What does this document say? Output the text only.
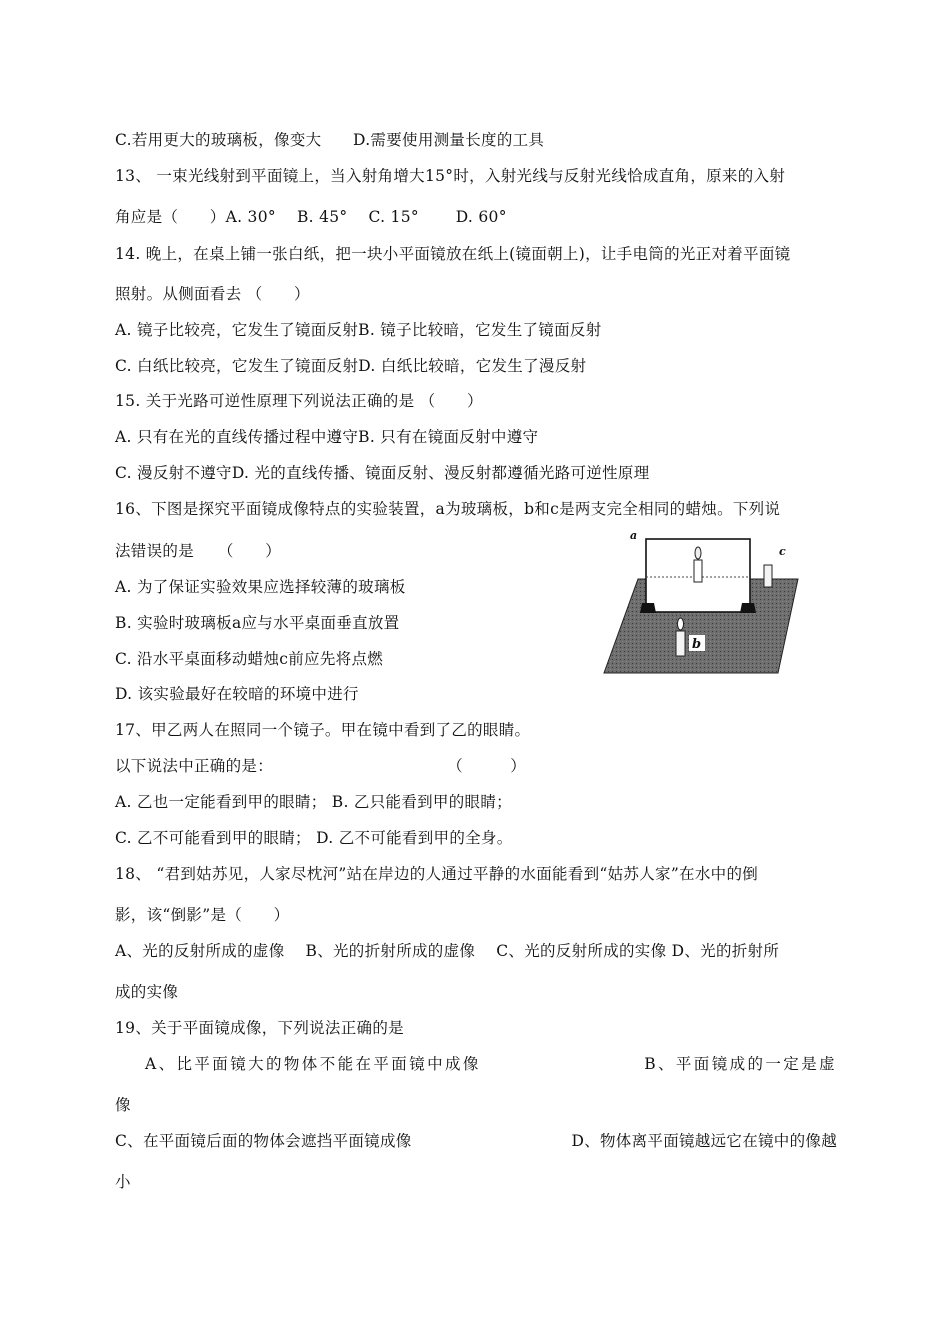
C.若用更大的玻璃板，像变大　　D.需要使用测量长度的工具
13、 一束光线射到平面镜上，当入射角增大15°时，入射光线与反射光线恰成直角，原来的入射
角应是（　　）A. 30°　 B. 45°　 C. 15°　　 D. 60°
14. 晚上，在桌上铺一张白纸，把一块小平面镜放在纸上(镜面朝上)，让手电筒的光正对着平面镜
照射。从侧面看去 （　　）
A. 镜子比较亮，它发生了镜面反射B. 镜子比较暗，它发生了镜面反射
C. 白纸比较亮，它发生了镜面反射D. 白纸比较暗，它发生了漫反射
15. 关于光路可逆性原理下列说法正确的是 （　　）
A. 只有在光的直线传播过程中遵守B. 只有在镜面反射中遵守
C. 漫反射不遵守D. 光的直线传播、镜面反射、漫反射都遵循光路可逆性原理
16、下图是探究平面镜成像特点的实验装置，a为玻璃板，b和c是两支完全相同的蜡烛。下列说
法错误的是　　（　　）
A. 为了保证实验效果应选择较薄的玻璃板
B. 实验时玻璃板a应与水平桌面垂直放置
C. 沿水平桌面移动蜡烛c前应先将点燃
D. 该实验最好在较暗的环境中进行
17、甲乙两人在照同一个镜子。甲在镜中看到了乙的眼睛。
以下说法中正确的是：　　　　　　　　　　　　（　　　）
A. 乙也一定能看到甲的眼睛； B. 乙只能看到甲的眼睛；
C. 乙不可能看到甲的眼睛； D. 乙不可能看到甲的全身。
18、 “君到姑苏见，人家尽枕河”站在岸边的人通过平静的水面能看到“姑苏人家”在水中的倒
影，该“倒影”是（　　）
A、光的反射所成的虚像　 B、光的折射所成的虚像　 C、光的反射所成的实像 D、光的折射所
成的实像
19、关于平面镜成像，下列说法正确的是
A、比平面镜大的物体不能在平面镜中成像	B、平面镜成的一定是虚
像
C、在平面镜后面的物体会遮挡平面镜成像	D、物体离平面镜越远它在镜中的像越
小
c
b
a
